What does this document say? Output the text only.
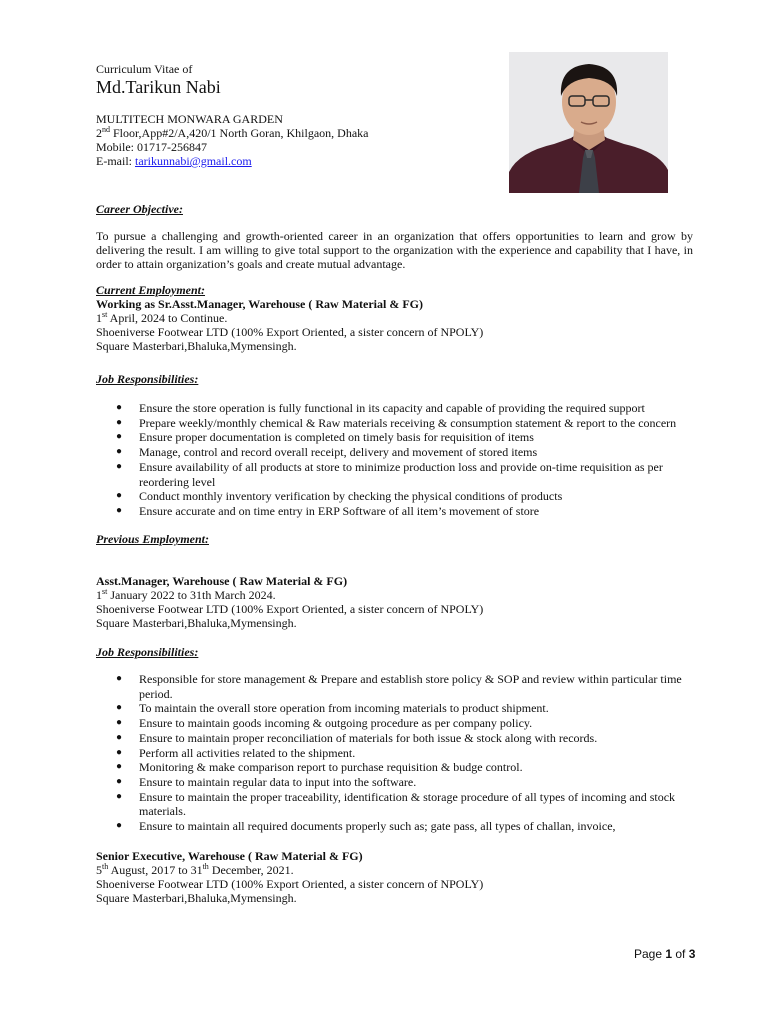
Curriculum Vitae of
Md.Tarikun Nabi
MULTITECH MONWARA GARDEN
2nd Floor,App#2/A,420/1 North Goran, Khilgaon, Dhaka
Mobile: 01717-256847
E-mail: tarikunnabi@gmail.com
Career Objective:
To pursue a challenging and growth-oriented career in an organization that offers opportunities to learn and grow by delivering the result. I am willing to give total support to the organization with the experience and capability that I have, in order to attain organization’s goals and create mutual advantage.
Current Employment:
Working as Sr.Asst.Manager, Warehouse ( Raw Material & FG)
1st April, 2024 to Continue.
Shoeniverse Footwear LTD (100% Export Oriented, a sister concern of NPOLY)
Square Masterbari,Bhaluka,Mymensingh.
Job Responsibilities:
● Ensure the store operation is fully functional in its capacity and capable of providing the required support
● Prepare weekly/monthly chemical & Raw materials receiving & consumption statement & report to the concern
● Ensure proper documentation is completed on timely basis for requisition of items
● Manage, control and record overall receipt, delivery and movement of stored items
● Ensure availability of all products at store to minimize production loss and provide on-time requisition as per reordering level
● Conduct monthly inventory verification by checking the physical conditions of products
● Ensure accurate and on time entry in ERP Software of all item’s movement of store
Previous Employment:
Asst.Manager, Warehouse ( Raw Material & FG)
1st January 2022 to 31th March 2024.
Shoeniverse Footwear LTD (100% Export Oriented, a sister concern of NPOLY)
Square Masterbari,Bhaluka,Mymensingh.
Job Responsibilities:
● Responsible for store management & Prepare and establish store policy & SOP and review within particular time period.
● To maintain the overall store operation from incoming materials to product shipment.
● Ensure to maintain goods incoming & outgoing procedure as per company policy.
● Ensure to maintain proper reconciliation of materials for both issue & stock along with records.
● Perform all activities related to the shipment.
● Monitoring & make comparison report to purchase requisition & budge control.
● Ensure to maintain regular data to input into the software.
● Ensure to maintain the proper traceability, identification & storage procedure of all types of incoming and stock materials.
● Ensure to maintain all required documents properly such as; gate pass, all types of challan, invoice,
Senior Executive, Warehouse ( Raw Material & FG)
5th August, 2017 to 31th December, 2021.
Shoeniverse Footwear LTD (100% Export Oriented, a sister concern of NPOLY)
Square Masterbari,Bhaluka,Mymensingh.
Page 1 of 3
